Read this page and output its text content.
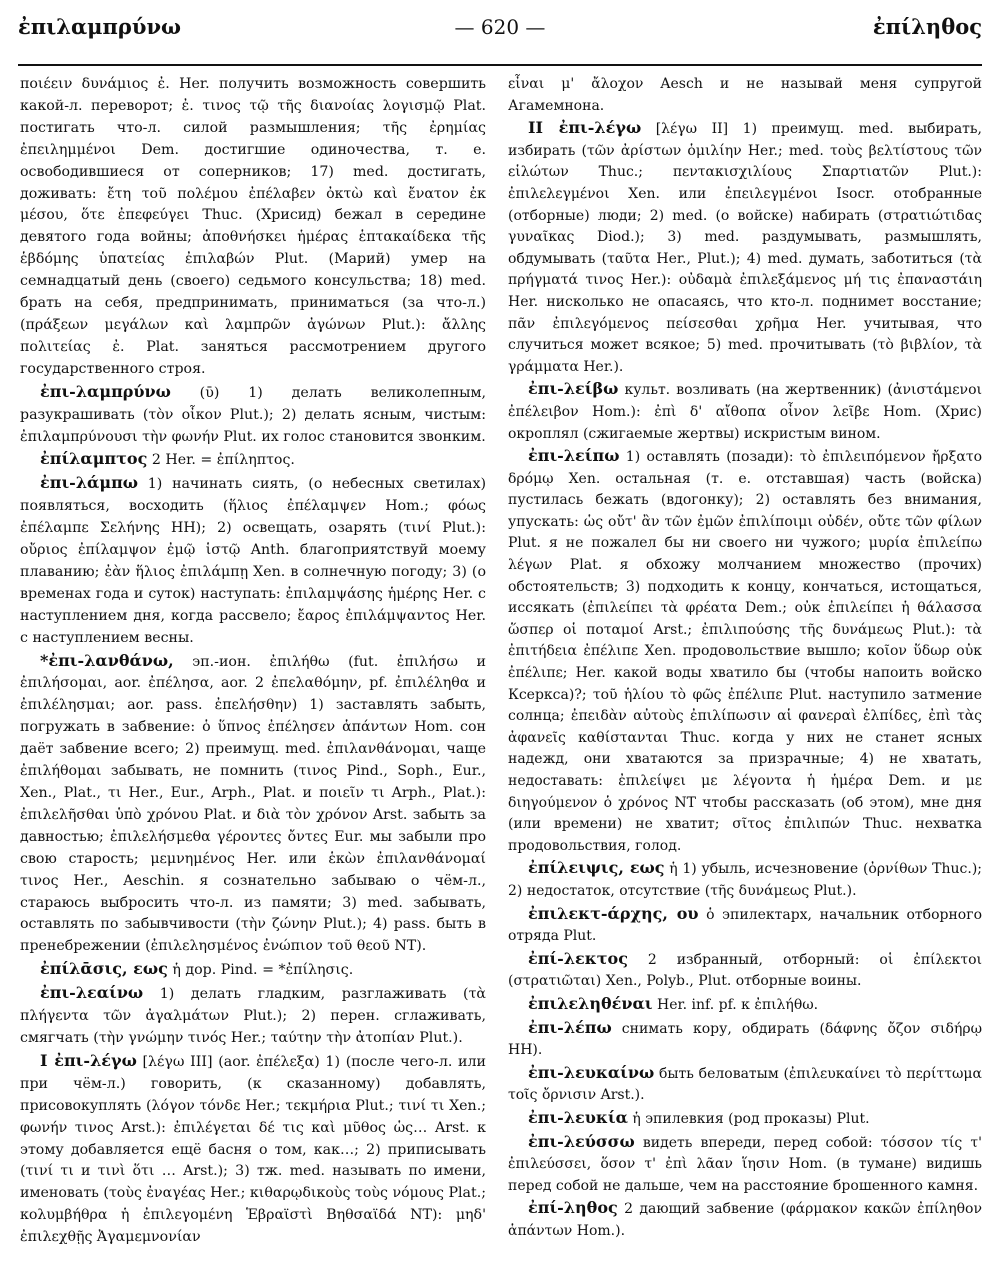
ἐπιλαμπρύνω	— 620 —	ἐπίληθος

ποιέειν δυνάμιος ἐ. Her. получить возможность совершить какой-л. переворот; ἐ. τινος τῷ τῆς διανοίας λογισμῷ Plat. постигать что-л. силой размышления; τῆς ἐρημίας ἐπειλημμένοι Dem. достигшие одиночества, т. е. освободившиеся от соперников; 17) med. достигать, доживать: ἔτη τοῦ πολέμου ἐπέλαβεν ὀκτὼ καὶ ἔνατον ἐκ μέσου, ὅτε ἐπεφεύγει Thuc. (Хрисид) бежал в середине девятого года войны; ἀποθνήσκει ἡμέρας ἑπτακαίδεκα τῆς ἑβδόμης ὑπατείας ἐπιλαβών Plut. (Марий) умер на семнадцатый день (своего) седьмого консульства; 18) med. брать на себя, предпринимать, приниматься (за что-л.) (πράξεων μεγάλων καὶ λαμπρῶν ἀγώνων Plut.): ἄλλης πολιτείας ἐ. Plat. заняться рассмотрением другого государственного строя.

ἐπι-λαμπρύνω (ῡ) 1) делать великолепным, разукрашивать (τὸν οἶκον Plut.); 2) делать ясным, чистым: ἐπιλαμπρύνουσι τὴν φωνήν Plut. их голос становится звонким.

ἐπίλαμπτος 2 Her. = ἐπίληπτος.

ἐπι-λάμπω 1) начинать сиять, (о небесных светилах) появляться, восходить (ἥλιος ἐπέλαμψεν Hom.; φόως ἐπέλαμπε Σελήνης HH); 2) освещать, озарять (τινί Plut.): οὔριος ἐπίλαμψον ἐμῷ ἱστῷ Anth. благоприятствуй моему плаванию; ἐὰν ἥλιος ἐπιλάμπῃ Xen. в солнечную погоду; 3) (о временах года и суток) наступать: ἐπιλαμψάσης ἡμέρης Her. с наступлением дня, когда рассвело; ἔαρος ἐπιλάμψαντος Her. с наступлением весны.

*ἐπι-λανθάνω, эп.-ион. ἐπιλήθω (fut. ἐπιλήσω и ἐπιλήσομαι, aor. ἐπέλησα, aor. 2 ἐπελαθόμην, pf. ἐπιλέληθα и ἐπιλέλησμαι; aor. pass. ἐπελήσθην) 1) заставлять забыть, погружать в забвение: ὁ ὕπνος ἐπέλησεν ἁπάντων Hom. сон даёт забвение всего; 2) преимущ. med. ἐπιλανθάνομαι, чаще ἐπιλήθομαι забывать, не помнить (τινος Pind., Soph., Eur., Xen., Plat., τι Her., Eur., Arph., Plat. и ποιεῖν τι Arph., Plat.): ἐπιλελῆσθαι ὑπὸ χρόνου Plat. и διὰ τὸν χρόνον Arst. забыть за давностью; ἐπιλελήσμεθα γέροντες ὄντες Eur. мы забыли про свою старость; μεμνημένος Her. или ἑκὼν ἐπιλανθάνομαί τινος Her., Aeschin. я сознательно забываю о чём-л., стараюсь выбросить что-л. из памяти; 3) med. забывать, оставлять по забывчивости (τὴν ζώνην Plut.); 4) pass. быть в пренебрежении (ἐπιλελησμένος ἐνώπιον τοῦ θεοῦ NT).

ἐπίλᾱσις, εως ἡ дор. Pind. = *ἐπίλησις.

ἐπι-λεαίνω 1) делать гладким, разглаживать (τὰ πλήγεντα τῶν ἀγαλμάτων Plut.); 2) перен. сглаживать, смягчать (τὴν γνώμην τινός Her.; ταύτην τὴν ἀτοπίαν Plut.).

I ἐπι-λέγω [λέγω III] (aor. ἐπέλεξα) 1) (после чего-л. или при чём-л.) говорить, (к сказанному) добавлять, присовокуплять (λόγον τόνδε Her.; τεκμήρια Plut.; τινί τι Xen.; φωνήν τινος Arst.): ἐπιλέγεται δέ τις καὶ μῦθος ὡς… Arst. к этому добавляется ещё басня о том, как…; 2) приписывать (τινί τι и τινὶ ὅτι … Arst.); 3) тж. med. называть по имени, именовать (τοὺς ἐναγέας Her.; κιθαρῳδικοὺς τοὺς νόμους Plat.; κολυμβήθρα ἡ ἐπιλεγομένη Ἑβραϊστὶ Βηθσαϊδά NT): μηδ' ἐπιλεχθῇς Ἀγαμεμνονίαν

εἶναι μ' ἄλοχον Aesch и не называй меня супругой Агамемнона.

II ἐπι-λέγω [λέγω II] 1) преимущ. med. выбирать, избирать (τῶν ἀρίστων ὁμιλίην Her.; med. τοὺς βελτίστους τῶν εἱλώτων Thuc.; πεντακισχιλίους Σπαρτιατῶν Plut.): ἐπιλελεγμένοι Xen. или ἐπειλεγμένοι Isocr. отобранные (отборные) люди; 2) med. (о войске) набирать (στρατιώτιδας γυναῖκας Diod.); 3) med. раздумывать, размышлять, обдумывать (ταῦτα Her., Plut.); 4) med. думать, заботиться (τὰ πρήγματά τινος Her.): οὐδαμὰ ἐπιλεξάμενος μή τις ἐπαναστάιη Her. нисколько не опасаясь, что кто-л. поднимет восстание; πᾶν ἐπιλεγόμενος πείσεσθαι χρῆμα Her. учитывая, что случиться может всякое; 5) med. прочитывать (τὸ βιβλίον, τὰ γράμματα Her.).

ἐπι-λείβω культ. возливать (на жертвенник) (ἀνιστάμενοι ἐπέλειβον Hom.): ἐπὶ δ' αἴθοπα οἶνον λεῖβε Hom. (Хрис) окроплял (сжигаемые жертвы) искристым вином.

ἐπι-λείπω 1) оставлять (позади): τὸ ἐπιλειπόμενον ἤρξατο δρόμῳ Xen. остальная (т. е. отставшая) часть (войска) пустилась бежать (вдогонку); 2) оставлять без внимания, упускать: ὡς οὔτ' ἂν τῶν ἐμῶν ἐπιλίποιμι οὐδέν, οὔτε τῶν φίλων Plut. я не пожалел бы ни своего ни чужого; μυρία ἐπιλείπω λέγων Plat. я обхожу молчанием множество (прочих) обстоятельств; 3) подходить к концу, кончаться, истощаться, иссякать (ἐπιλείπει τὰ φρέατα Dem.; οὐκ ἐπιλείπει ἡ θάλασσα ὥσπερ οἱ ποταμοί Arst.; ἐπιλιπούσης τῆς δυνάμεως Plut.): τὰ ἐπιτήδεια ἐπέλιπε Xen. продовольствие вышло; κοῖον ὕδωρ οὐκ ἐπέλιπε; Her. какой воды хватило бы (чтобы напоить войско Ксеркса)?; τοῦ ἡλίου τὸ φῶς ἐπέλιπε Plut. наступило затмение солнца; ἐπειδὰν αὐτοὺς ἐπιλίπωσιν αἱ φανεραὶ ἐλπίδες, ἐπὶ τὰς ἀφανεῖς καθίστανται Thuc. когда у них не станет ясных надежд, они хватаются за призрачные; 4) не хватать, недоставать: ἐπιλείψει με λέγοντα ἡ ἡμέρα Dem. и με διηγούμενον ὁ χρόνος NT чтобы рассказать (об этом), мне дня (или времени) не хватит; σῖτος ἐπιλιπών Thuc. нехватка продовольствия, голод.

ἐπίλειψις, εως ἡ 1) убыль, исчезновение (ὀρνίθων Thuc.); 2) недостаток, отсутствие (τῆς δυνάμεως Plut.).

ἐπιλεκτ-άρχης, ου ὁ эпилектарх, начальник отборного отряда Plut.

ἐπί-λεκτος 2 избранный, отборный: οἱ ἐπίλεκτοι (στρατιῶται) Xen., Polyb., Plut. отборные воины.

ἐπιλεληθέναι Her. inf. pf. к ἐπιλήθω.

ἐπι-λέπω снимать кору, обдирать (δάφνης ὄζον σιδήρῳ HH).

ἐπι-λευκαίνω быть беловатым (ἐπιλευκαίνει τὸ περίττωμα τοῖς ὄρνισιν Arst.).

ἐπι-λευκία ἡ эпилевкия (род проказы) Plut.

ἐπι-λεύσσω видеть впереди, перед собой: τόσσον τίς τ' ἐπιλεύσσει, ὅσον τ' ἐπὶ λᾶαν ἵησιν Hom. (в тумане) видишь перед собой не дальше, чем на расстояние брошенного камня.

ἐπί-ληθος 2 дающий забвение (φάρμακον κακῶν ἐπίληθον ἁπάντων Hom.).
